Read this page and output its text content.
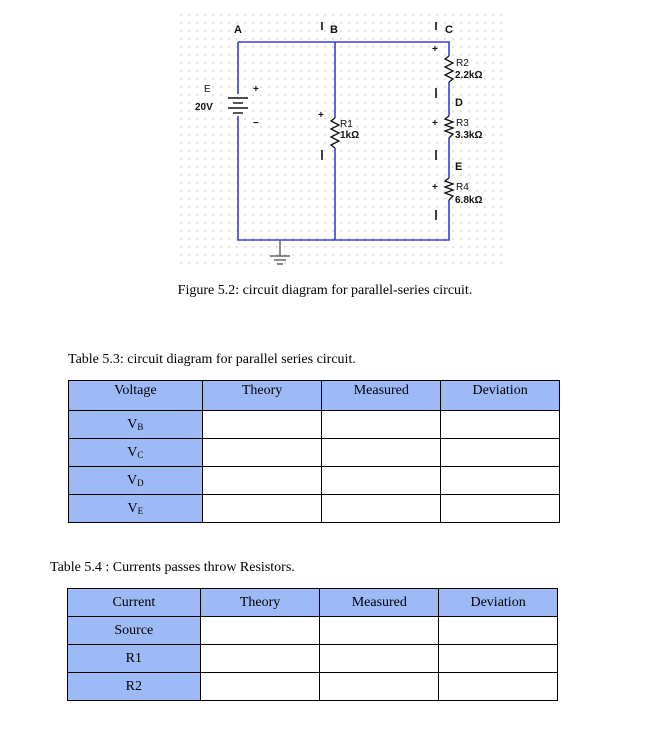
A	B	C
D
E
E
20V
R1
1kΩ
R2
2.2kΩ
R3
3.3kΩ
R4
6.8kΩ
+
−
+
+
+
+
Figure 5.2: circuit diagram for parallel-series circuit.
Table 5.3: circuit diagram for parallel series circuit.
Voltage	Theory	Measured	Deviation
$V_B$			
$V_C$			
$V_D$			
$V_E$			
Table 5.4 : Currents passes throw Resistors.
Current	Theory	Measured	Deviation
Source			
R1			
R2			
